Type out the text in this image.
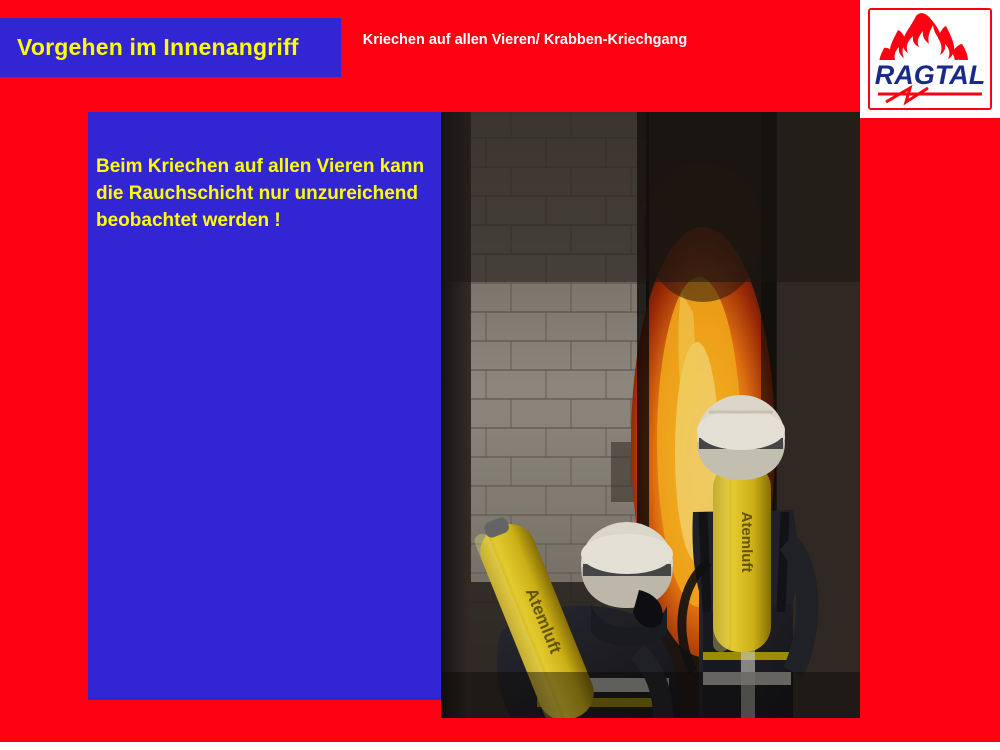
Vorgehen im Innenangriff	Kriechen auf allen Vieren/ Krabben-Kriechgang
RAGTAL
Beim Kriechen auf allen Vieren kann die Rauchschicht nur unzureichend beobachtet werden !
Atemluft
Atemluft
